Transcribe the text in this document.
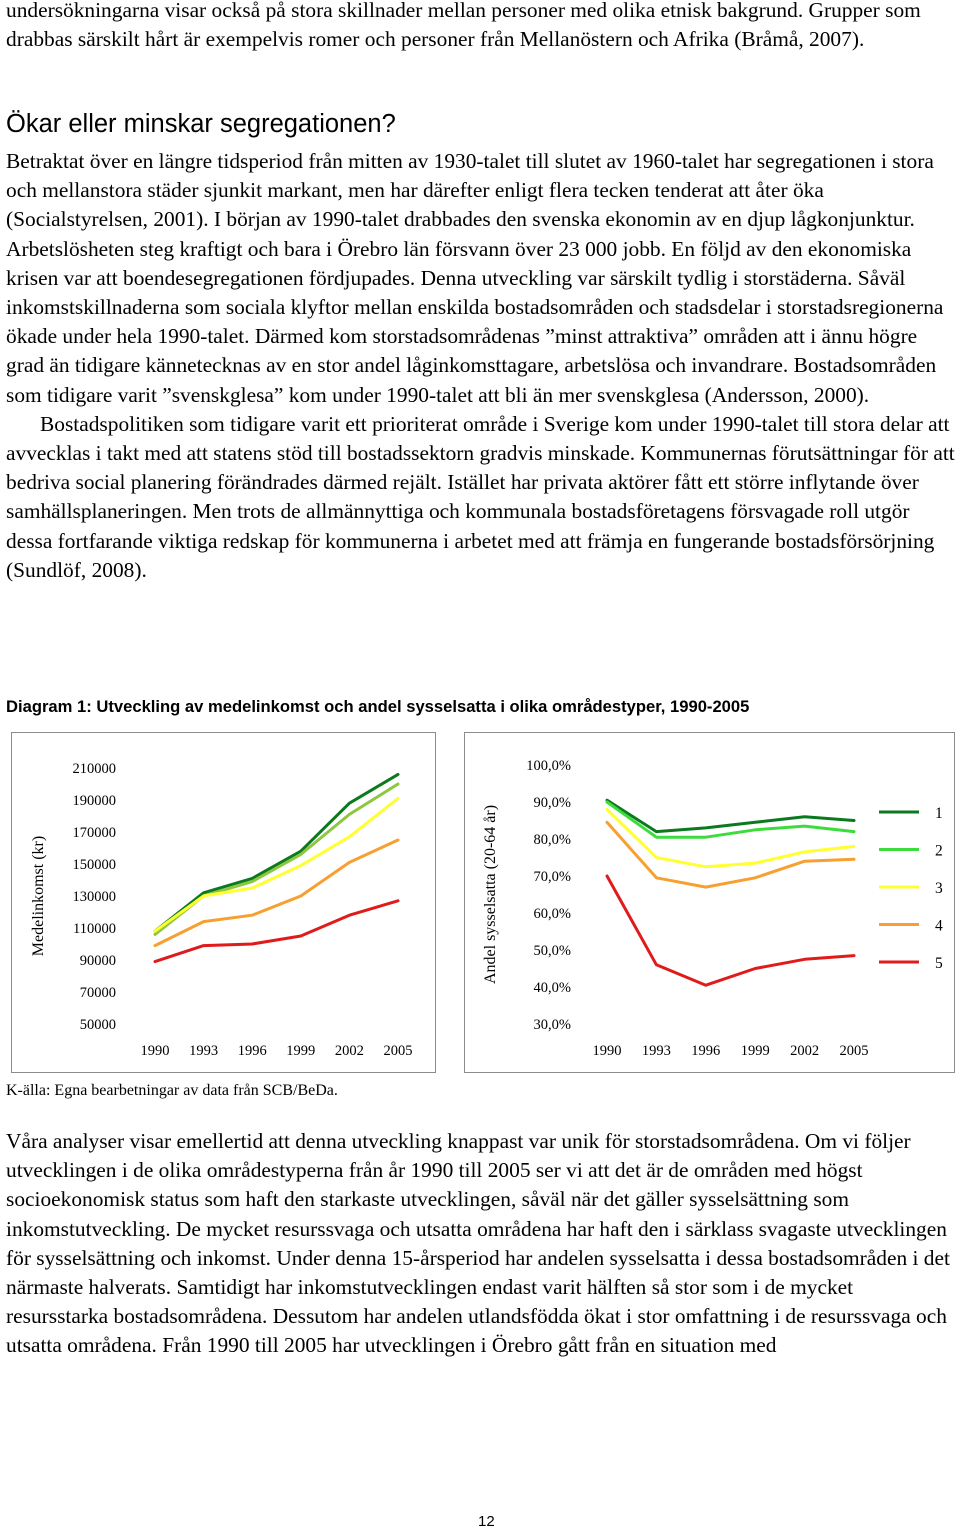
undersökningarna visar också på stora skillnader mellan personer med olika etnisk bakgrund. Grupper som drabbas särskilt hårt är exempelvis romer och personer från Mellanöstern och Afrika (Bråmå, 2007).

Ökar eller minskar segregationen?
Betraktat över en längre tidsperiod från mitten av 1930-talet till slutet av 1960-talet har segregationen i stora och mellanstora städer sjunkit markant, men har därefter enligt flera tecken tenderat att åter öka (Socialstyrelsen, 2001). I början av 1990-talet drabbades den svenska ekonomin av en djup lågkonjunktur. Arbetslösheten steg kraftigt och bara i Örebro län försvann över 23 000 jobb. En följd av den ekonomiska krisen var att boendesegregationen fördjupades. Denna utveckling var särskilt tydlig i storstäderna. Såväl inkomstskillnaderna som sociala klyftor mellan enskilda bostadsområden och stadsdelar i storstadsregionerna ökade under hela 1990-talet. Därmed kom storstadsområdenas ”minst attraktiva” områden att i ännu högre grad än tidigare kännetecknas av en stor andel låginkomsttagare, arbetslösa och invandrare. Bostadsområden som tidigare varit ”svenskglesa” kom under 1990-talet att bli än mer svenskglesa (Andersson, 2000).
Bostadspolitiken som tidigare varit ett prioriterat område i Sverige kom under 1990-talet till stora delar att avvecklas i takt med att statens stöd till bostadssektorn gradvis minskade. Kommunernas förutsättningar för att bedriva social planering förändrades därmed rejält. Istället har privata aktörer fått ett större inflytande över samhällsplaneringen. Men trots de allmännyttiga och kommunala bostadsföretagens försvagade roll utgör dessa fortfarande viktiga redskap för kommunerna i arbetet med att främja en fungerande bostadsförsörjning (Sundlöf, 2008).

Diagram 1: Utveckling av medelinkomst och andel sysselsatta i olika områdestyper, 1990-2005

Medelinkomst (kr)
50000
70000
90000
110000
130000
150000
170000
190000
210000
1990 1993 1996 1999 2002 2005
Andel sysselsatta (20-64 år)
30,0%
40,0%
50,0%
60,0%
70,0%
80,0%
90,0%
100,0%
1990 1993 1996 1999 2002 2005
1
2
3
4
5

K-älla: Egna bearbetningar av data från SCB/BeDa.

Våra analyser visar emellertid att denna utveckling knappast var unik för storstadsområdena. Om vi följer utvecklingen i de olika områdestyperna från år 1990 till 2005 ser vi att det är de områden med högst socioekonomisk status som haft den starkaste utvecklingen, såväl när det gäller sysselsättning som inkomstutveckling. De mycket resurssvaga och utsatta områdena har haft den i särklass svagaste utvecklingen för sysselsättning och inkomst. Under denna 15-årsperiod har andelen sysselsatta i dessa bostadsområden i det närmaste halverats. Samtidigt har inkomstutvecklingen endast varit hälften så stor som i de mycket resursstarka bostadsområdena. Dessutom har andelen utlandsfödda ökat i stor omfattning i de resurssvaga och utsatta områdena. Från 1990 till 2005 har utvecklingen i Örebro gått från en situation med

12
